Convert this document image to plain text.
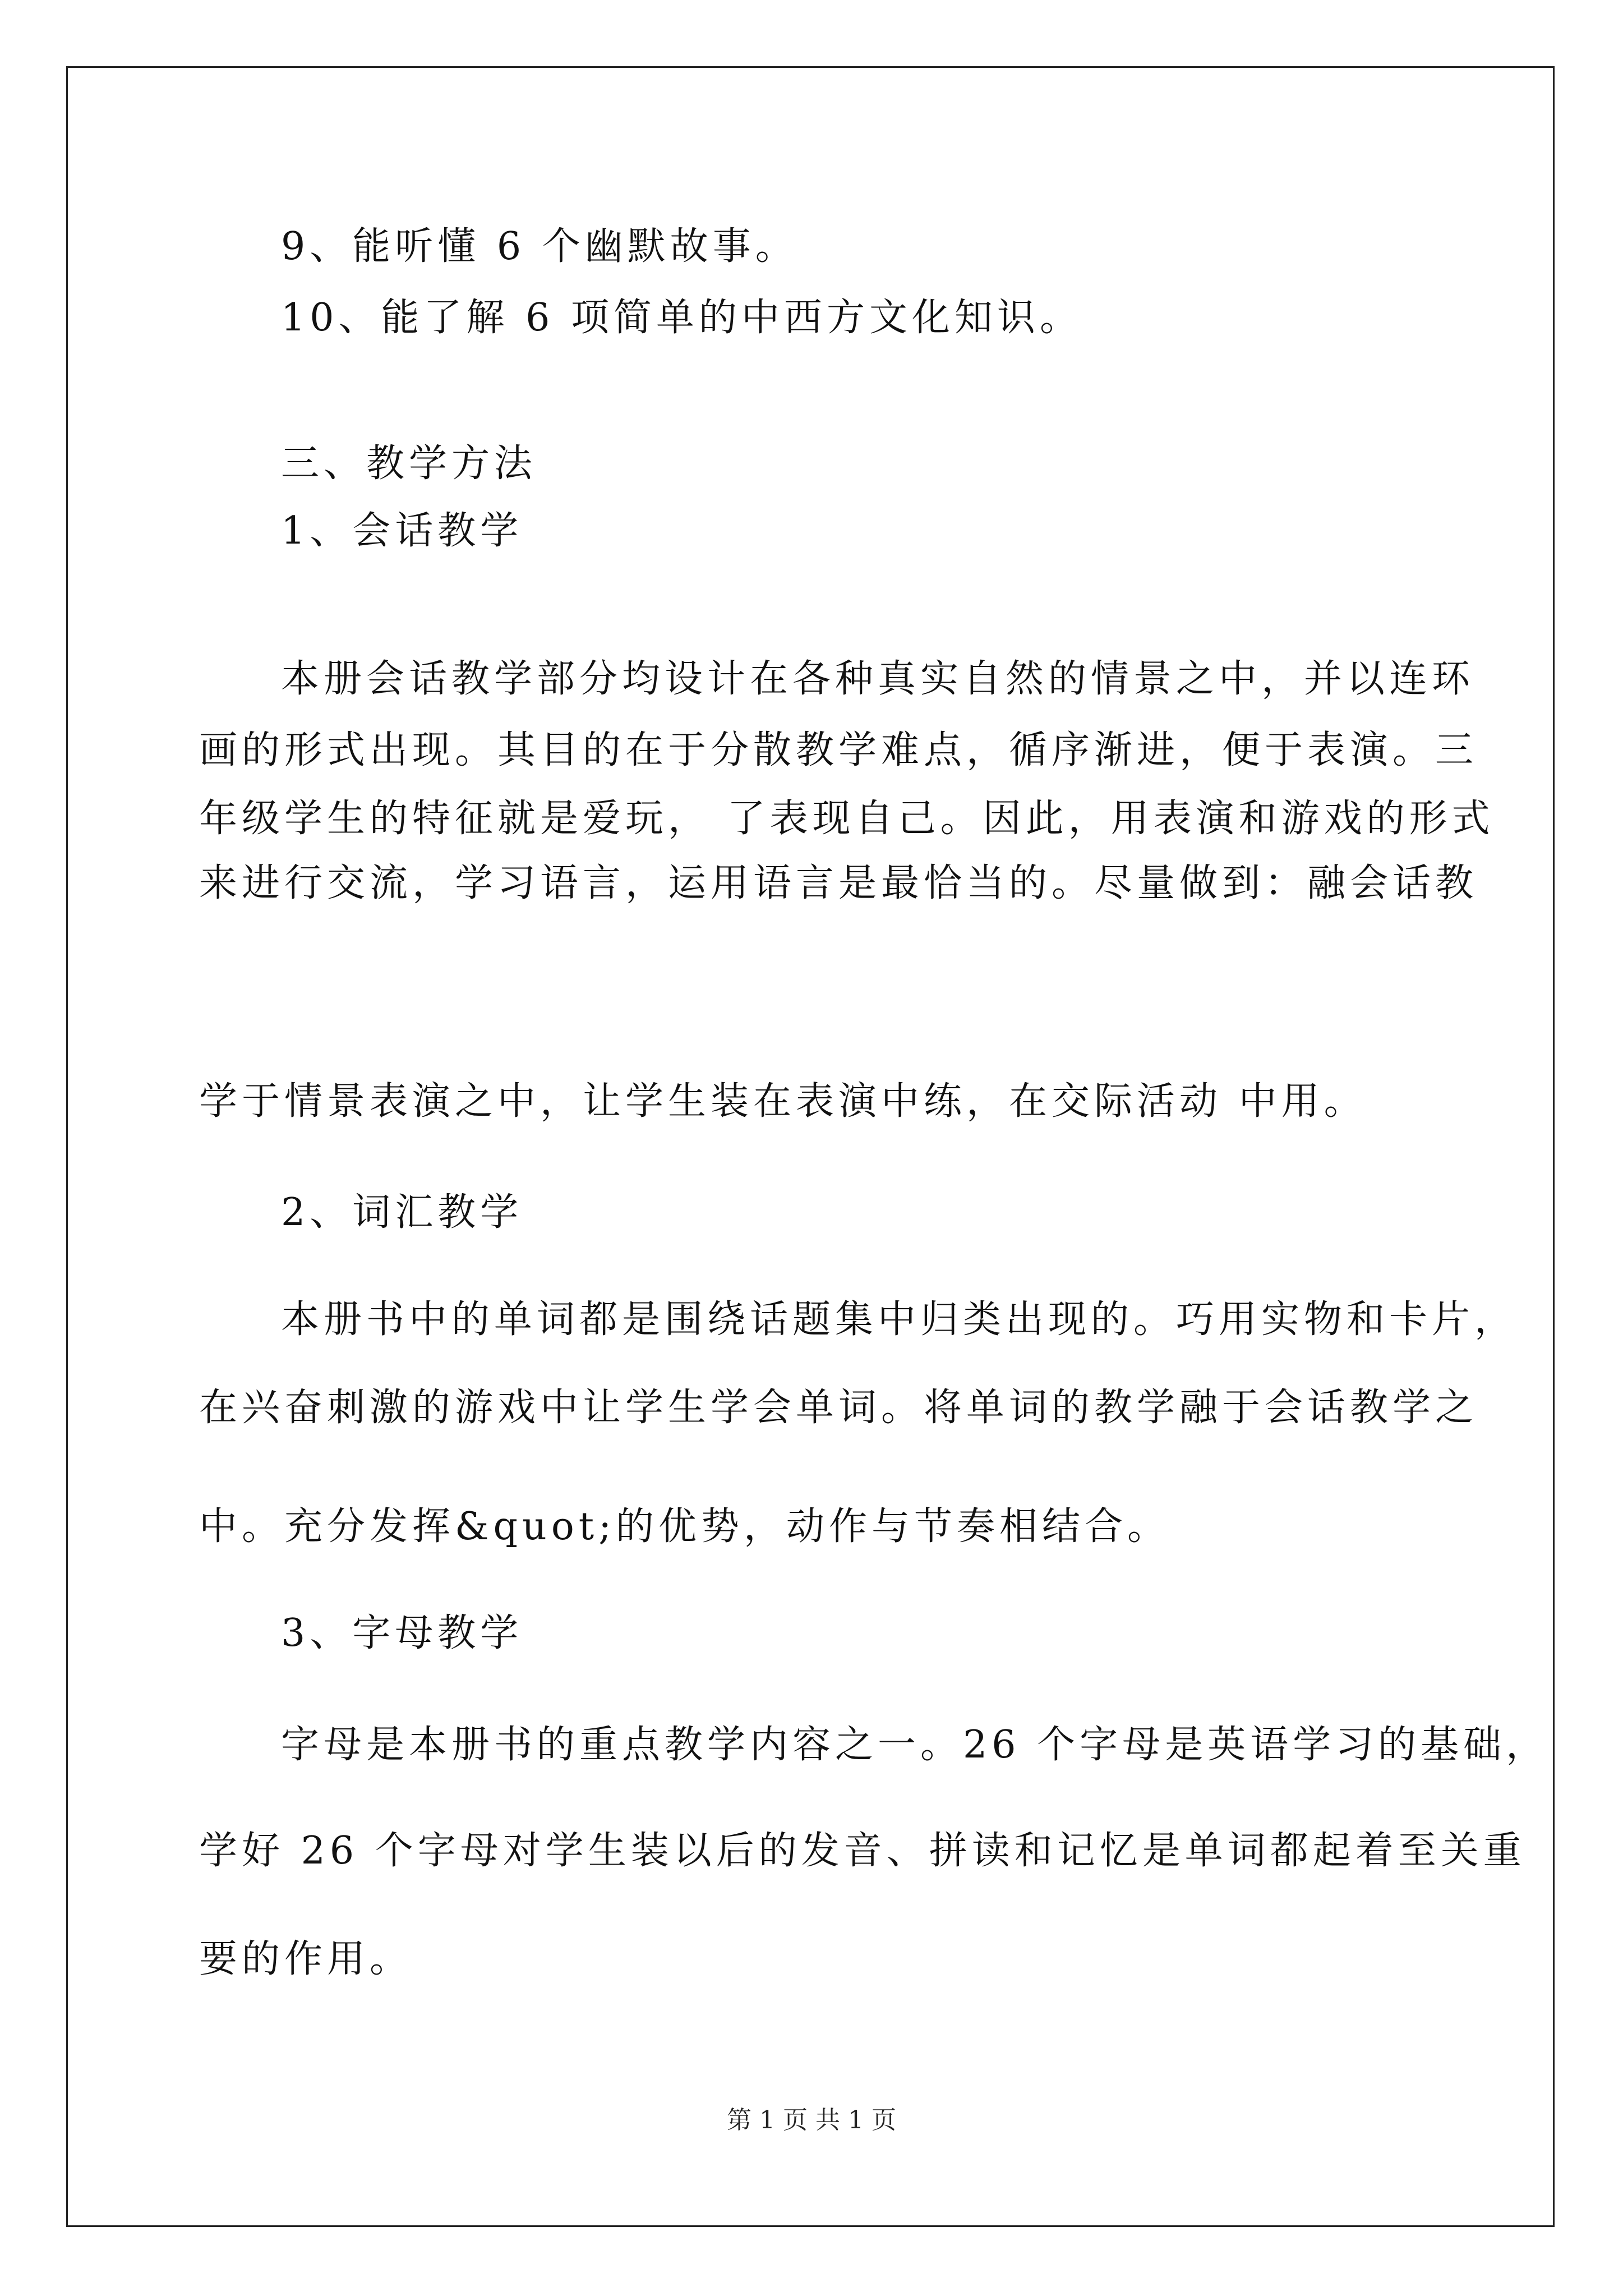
9、能听懂 6 个幽默故事。
10、能了解 6 项简单的中西方文化知识。
三、教学方法
1、会话教学
本册会话教学部分均设计在各种真实自然的情景之中，并以连环
画的形式出现。其目的在于分散教学难点，循序渐进，便于表演。三
年级学生的特征就是爱玩， 了表现自己。因此，用表演和游戏的形式
来进行交流，学习语言，运用语言是最恰当的。尽量做到：融会话教
学于情景表演之中，让学生装在表演中练，在交际活动 中用。
2、词汇教学
本册书中的单词都是围绕话题集中归类出现的。巧用实物和卡片，
在兴奋刺激的游戏中让学生学会单词。将单词的教学融于会话教学之
中。充分发挥&quot;的优势，动作与节奏相结合。
3、字母教学
字母是本册书的重点教学内容之一。26 个字母是英语学习的基础，
学好 26 个字母对学生装以后的发音、拼读和记忆是单词都起着至关重
要的作用。
第 1 页 共 1 页
